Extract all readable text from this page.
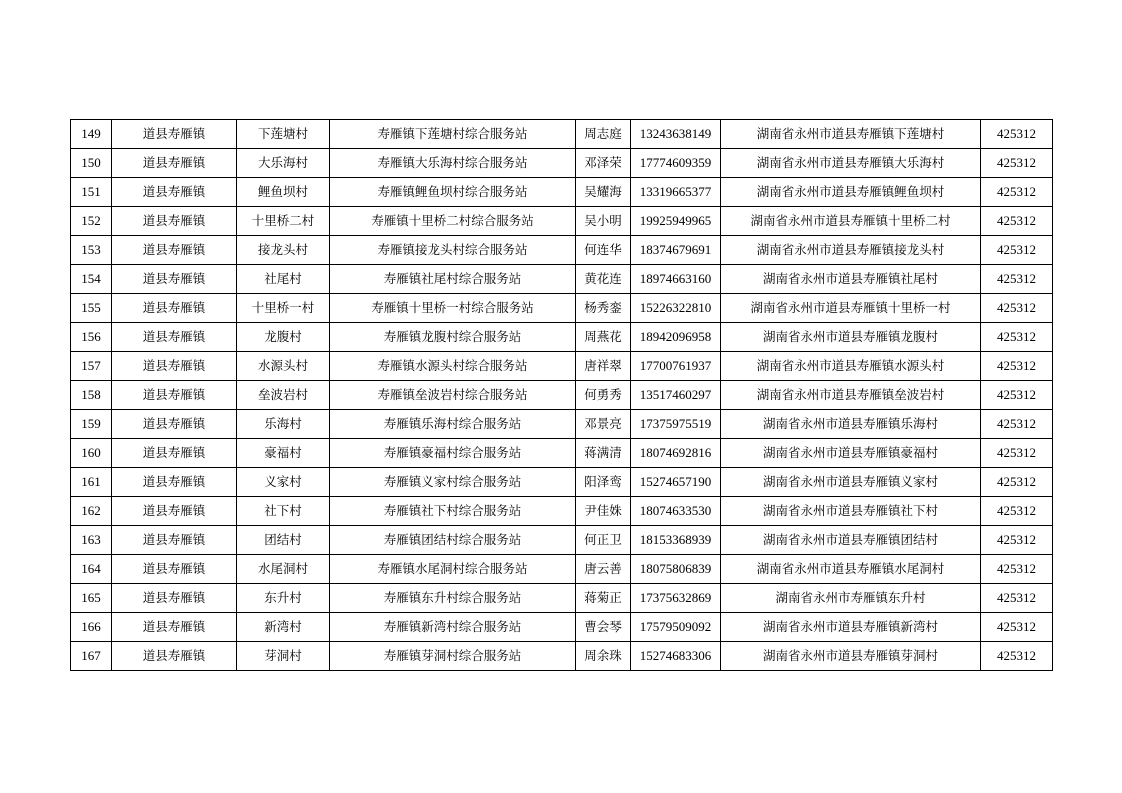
149	道县寿雁镇	下莲塘村	寿雁镇下莲塘村综合服务站	周志庭	13243638149	湖南省永州市道县寿雁镇下莲塘村	425312
150	道县寿雁镇	大乐海村	寿雁镇大乐海村综合服务站	邓泽荣	17774609359	湖南省永州市道县寿雁镇大乐海村	425312
151	道县寿雁镇	鲤鱼坝村	寿雁镇鲤鱼坝村综合服务站	吴耀海	13319665377	湖南省永州市道县寿雁镇鲤鱼坝村	425312
152	道县寿雁镇	十里桥二村	寿雁镇十里桥二村综合服务站	吴小明	19925949965	湖南省永州市道县寿雁镇十里桥二村	425312
153	道县寿雁镇	接龙头村	寿雁镇接龙头村综合服务站	何连华	18374679691	湖南省永州市道县寿雁镇接龙头村	425312
154	道县寿雁镇	社尾村	寿雁镇社尾村综合服务站	黄花连	18974663160	湖南省永州市道县寿雁镇社尾村	425312
155	道县寿雁镇	十里桥一村	寿雁镇十里桥一村综合服务站	杨秀銮	15226322810	湖南省永州市道县寿雁镇十里桥一村	425312
156	道县寿雁镇	龙腹村	寿雁镇龙腹村综合服务站	周燕花	18942096958	湖南省永州市道县寿雁镇龙腹村	425312
157	道县寿雁镇	水源头村	寿雁镇水源头村综合服务站	唐祥翠	17700761937	湖南省永州市道县寿雁镇水源头村	425312
158	道县寿雁镇	垒波岩村	寿雁镇垒波岩村综合服务站	何勇秀	13517460297	湖南省永州市道县寿雁镇垒波岩村	425312
159	道县寿雁镇	乐海村	寿雁镇乐海村综合服务站	邓景亮	17375975519	湖南省永州市道县寿雁镇乐海村	425312
160	道县寿雁镇	豪福村	寿雁镇豪福村综合服务站	蒋满清	18074692816	湖南省永州市道县寿雁镇豪福村	425312
161	道县寿雁镇	义家村	寿雁镇义家村综合服务站	阳泽鸾	15274657190	湖南省永州市道县寿雁镇义家村	425312
162	道县寿雁镇	社下村	寿雁镇社下村综合服务站	尹佳姝	18074633530	湖南省永州市道县寿雁镇社下村	425312
163	道县寿雁镇	团结村	寿雁镇团结村综合服务站	何正卫	18153368939	湖南省永州市道县寿雁镇团结村	425312
164	道县寿雁镇	水尾洞村	寿雁镇水尾洞村综合服务站	唐云善	18075806839	湖南省永州市道县寿雁镇水尾洞村	425312
165	道县寿雁镇	东升村	寿雁镇东升村综合服务站	蒋菊正	17375632869	湖南省永州市寿雁镇东升村	425312
166	道县寿雁镇	新湾村	寿雁镇新湾村综合服务站	曹会琴	17579509092	湖南省永州市道县寿雁镇新湾村	425312
167	道县寿雁镇	芽洞村	寿雁镇芽洞村综合服务站	周余珠	15274683306	湖南省永州市道县寿雁镇芽洞村	425312
